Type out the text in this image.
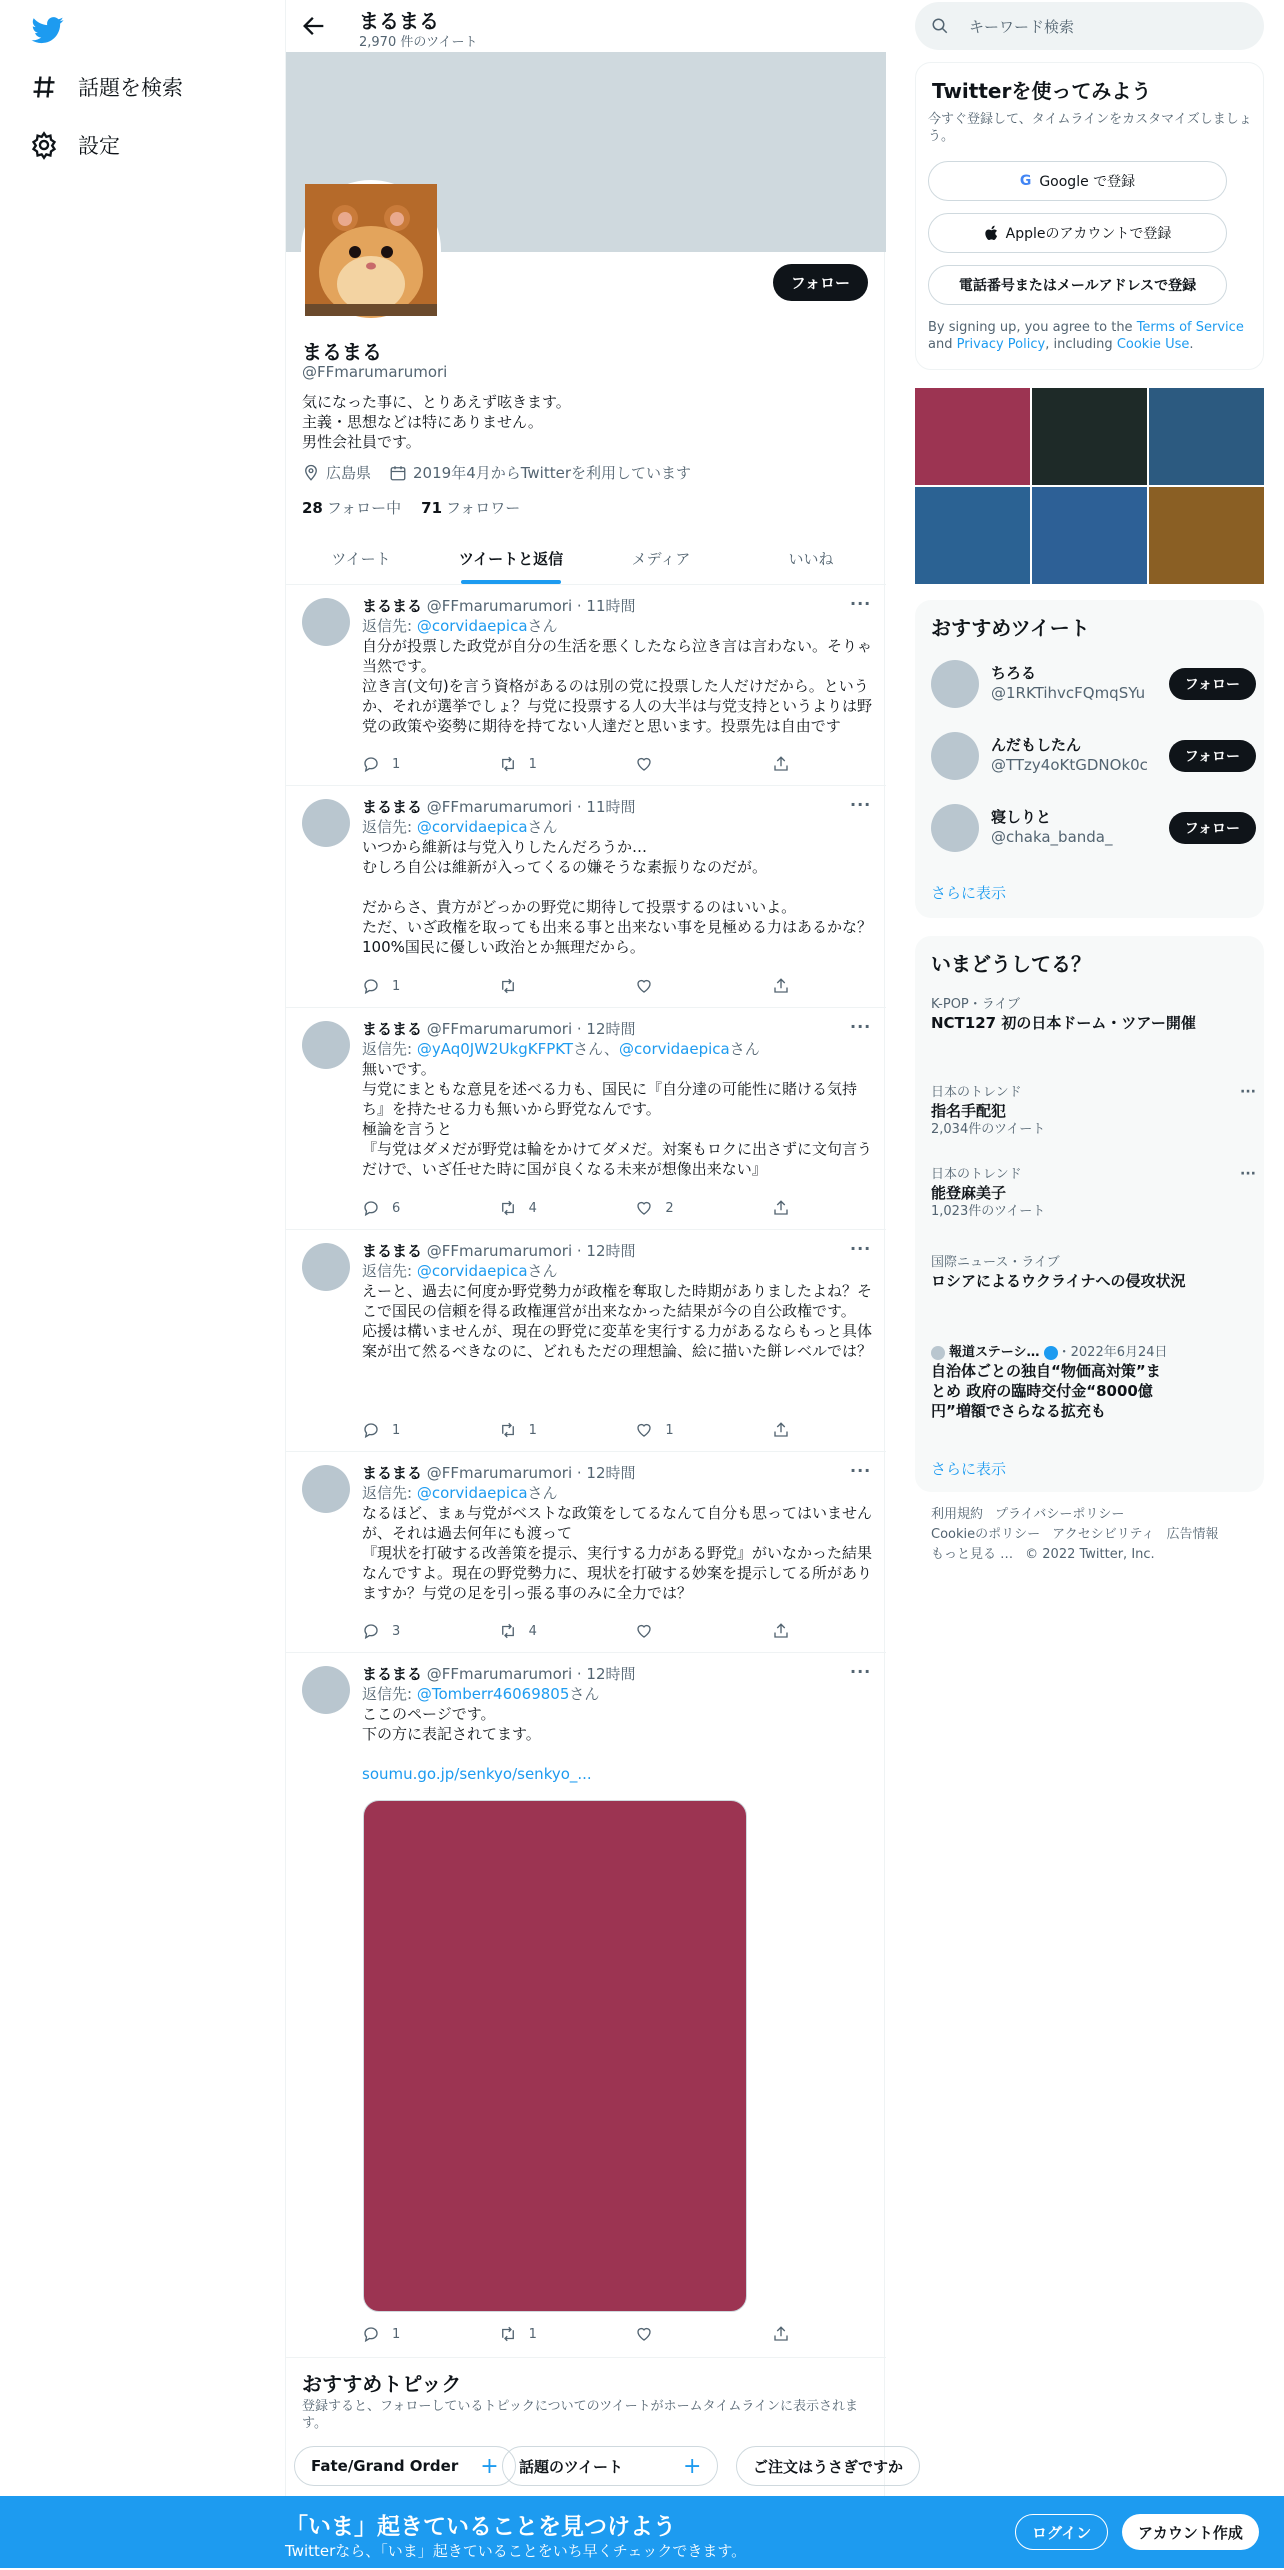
話題を検索
設定
まるまる
2,970 件のツイート
フォロー
まるまる
@FFmarumarumori
気になった事に、とりあえず呟きます。
主義・思想などは特にありません。
男性会社員です。
広島県	2019年4月からTwitterを利用しています
28 フォロー中 71 フォロワー
ツイート	ツイートと返信	メディア	いいね
···
まるまる @FFmarumarumori · 11時間
返信先: @corvidaepicaさん
自分が投票した政党が自分の生活を悪くしたなら泣き言は言わない。そりゃ当然です。
泣き言(文句)を言う資格があるのは別の党に投票した人だけだから。というか、それが選挙でしょ？与党に投票する人の大半は与党支持というよりは野党の政策や姿勢に期待を持てない人達だと思います。投票先は自由です
1	1
···
まるまる @FFmarumarumori · 11時間
返信先: @corvidaepicaさん
いつから維新は与党入りしたんだろうか…
むしろ自公は維新が入ってくるの嫌そうな素振りなのだが。

だからさ、貴方がどっかの野党に期待して投票するのはいいよ。
ただ、いざ政権を取っても出来る事と出来ない事を見極める力はあるかな？100%国民に優しい政治とか無理だから。
1
···
まるまる @FFmarumarumori · 12時間
返信先: @yAq0JW2UkgKFPKTさん、@corvidaepicaさん
無いです。
与党にまともな意見を述べる力も、国民に『自分達の可能性に賭ける気持ち』を持たせる力も無いから野党なんです。
極論を言うと
『与党はダメだが野党は輪をかけてダメだ。対案もロクに出さずに文句言うだけで、いざ任せた時に国が良くなる未来が想像出来ない』
6	4	2
···
まるまる @FFmarumarumori · 12時間
返信先: @corvidaepicaさん
えーと、過去に何度か野党勢力が政権を奪取した時期がありましたよね？そこで国民の信頼を得る政権運営が出来なかった結果が今の自公政権です。
応援は構いませんが、現在の野党に変革を実行する力があるならもっと具体案が出て然るべきなのに、どれもただの理想論、絵に描いた餅レベルでは？
1	1	1
···
まるまる @FFmarumarumori · 12時間
返信先: @corvidaepicaさん
なるほど、まぁ与党がベストな政策をしてるなんて自分も思ってはいませんが、それは過去何年にも渡って
『現状を打破する改善策を提示、実行する力がある野党』がいなかった結果なんですよ。現在の野党勢力に、現状を打破する妙案を提示してる所がありますか？与党の足を引っ張る事のみに全力では？
3	4
···
まるまる @FFmarumarumori · 12時間
返信先: @Tomberr46069805さん
ここのページです。
下の方に表記されてます。
soumu.go.jp/senkyo/senkyo_...
1	1
おすすめトピック

登録すると、フォローしているトピックについてのツイートがホームタイムラインに表示されます。

Fate/Grand Order + 話題のツイート	+	ご注文はうさぎですか
キーワード検索
Twitterを使ってみよう
今すぐ登録して、タイムラインをカスタマイズしましょう。
G Google で登録
Appleのアカウントで登録
電話番号またはメールアドレスで登録
By signing up, you agree to the Terms of Service and Privacy Policy, including Cookie Use.
おすすめツイート
ちろる
@1RKTihvcFQmqSYu	フォロー
んだもしたん
@TTzy4oKtGDNOk0c	フォロー
寝しりと
@chaka_banda_	フォロー
さらに表示
いまどうしてる？
K-POP・ライブ
NCT127 初の日本ドーム・ツアー開催
日本のトレンド
指名手配犯
2,034件のツイート
···
日本のトレンド
能登麻美子
1,023件のツイート
···
国際ニュース・ライブ
ロシアによるウクライナへの侵攻状況
報道ステーシ… ・2022年6月24日
自治体ごとの独自“物価高対策”まとめ 政府の臨時交付金“8000億円”増額でさらなる拡充も
さらに表示
利用規約 プライバシーポリシー
Cookieのポリシー アクセシビリティ 広告情報
もっと見る … © 2022 Twitter, Inc.
「いま」起きていることを見つけよう
Twitterなら、「いま」起きていることをいち早くチェックできます。
ログイン	アカウント作成
